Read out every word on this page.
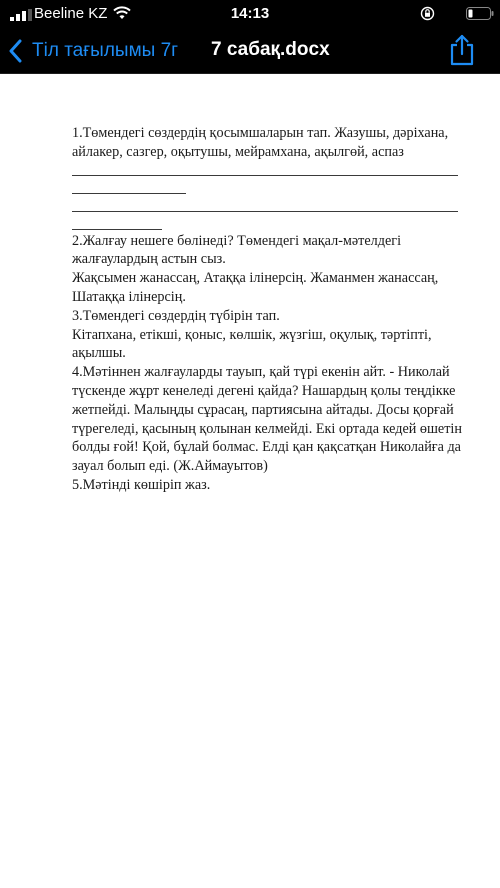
Beeline KZ	14:13
Тіл тағылымы 7г 7 сабақ.docx

1.Төмендегі сөздердің қосымшаларын тап. Жазушы, дәріхана, айлакер, сазгер, оқытушы, мейрамхана, ақылгөй, аспаз

2.Жалғау нешеге бөлінеді? Төмендегі мақал-мәтелдегі жалғаулардың астын сыз.
Жақсымен жанассаң, Атаққа ілінерсің. Жаманмен жанассаң, Шатаққа ілінерсің.
3.Төмендегі сөздердің түбірін тап.
Кітапхана, етікші, қоныс, көлшік, жүзгіш, оқулық, тәртіпті, ақылшы.
4.Мәтіннен жалғауларды тауып, қай түрі екенін айт. - Николай түскенде жұрт кенеледі дегені қайда? Нашардың қолы теңдікке жетпейді. Малыңды сұрасаң, партиясына айтады. Досы қорғай түрегеледі, қасының қолынан келмейді. Екі ортада кедей өшетін болды ғой! Қой, бұлай болмас. Елді қан қақсатқан Николайға да зауал болып еді. (Ж.Аймауытов)
5.Мәтінді көшіріп жаз.
